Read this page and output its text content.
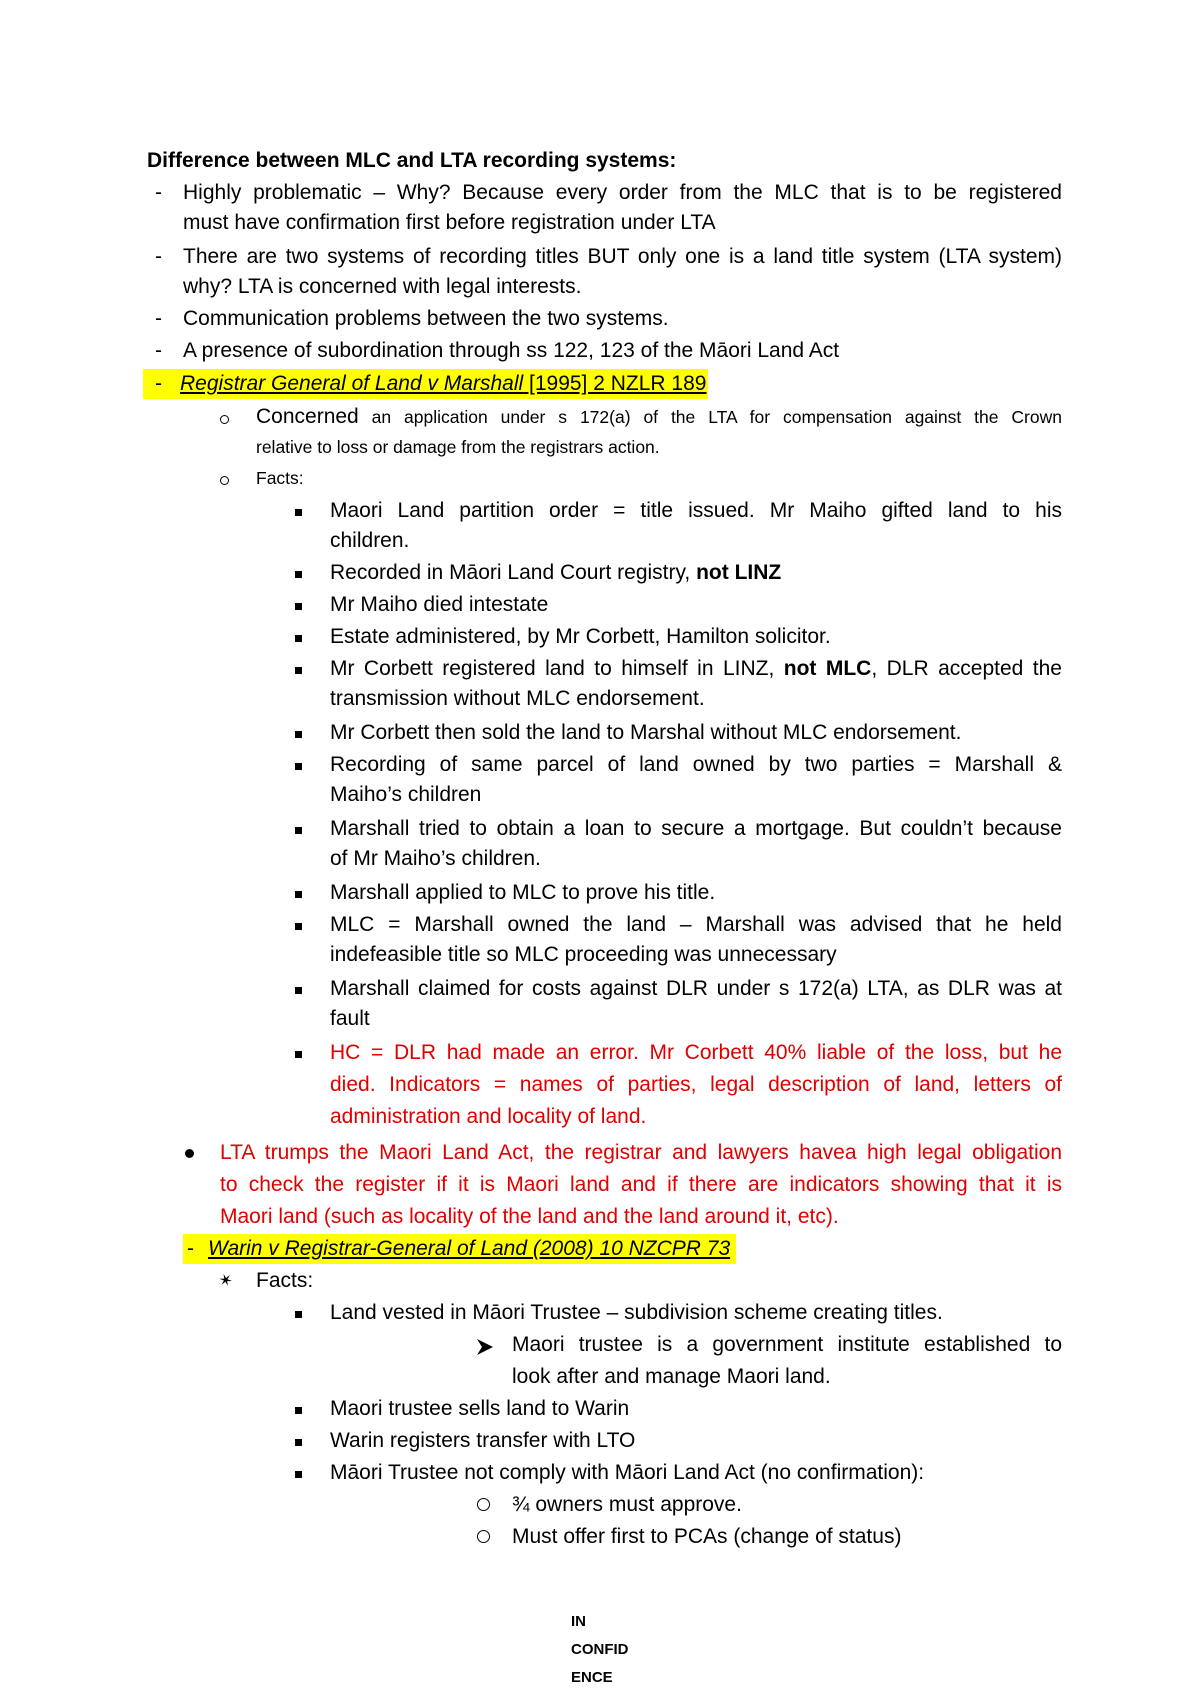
Difference between MLC and LTA recording systems:
- Highly problematic – Why? Because every order from the MLC that is to be registered
must have confirmation first before registration under LTA
- There are two systems of recording titles BUT only one is a land title system (LTA system)
why? LTA is concerned with legal interests.
- Communication problems between the two systems.
- A presence of subordination through ss 122, 123 of the Māori Land Act
- Registrar General of Land v Marshall [1995] 2 NZLR 189
Concerned an application under s 172(a) of the LTA for compensation against the Crown
relative to loss or damage from the registrars action.
Facts:
Maori Land partition order = title issued. Mr Maiho gifted land to his
children.
Recorded in Māori Land Court registry, not LINZ
Mr Maiho died intestate
Estate administered, by Mr Corbett, Hamilton solicitor.
Mr Corbett registered land to himself in LINZ, not MLC, DLR accepted the
transmission without MLC endorsement.
Mr Corbett then sold the land to Marshal without MLC endorsement.
Recording of same parcel of land owned by two parties = Marshall &
Maiho’s children
Marshall tried to obtain a loan to secure a mortgage. But couldn’t because
of Mr Maiho’s children.
Marshall applied to MLC to prove his title.
MLC = Marshall owned the land – Marshall was advised that he held
indefeasible title so MLC proceeding was unnecessary
Marshall claimed for costs against DLR under s 172(a) LTA, as DLR was at
fault
HC = DLR had made an error. Mr Corbett 40% liable of the loss, but he
died. Indicators = names of parties, legal description of land, letters of
administration and locality of land.
LTA trumps the Maori Land Act, the registrar and lawyers havea high legal obligation
to check the register if it is Maori land and if there are indicators showing that it is
Maori land (such as locality of the land and the land around it, etc).
- Warin v Registrar-General of Land (2008) 10 NZCPR 73
✶ Facts:
Land vested in Māori Trustee – subdivision scheme creating titles.
Maori trustee is a government institute established to
look after and manage Maori land.
Maori trustee sells land to Warin
Warin registers transfer with LTO
Māori Trustee not comply with Māori Land Act (no confirmation):
¾ owners must approve.
Must offer first to PCAs (change of status)
IN
CONFID
ENCE
